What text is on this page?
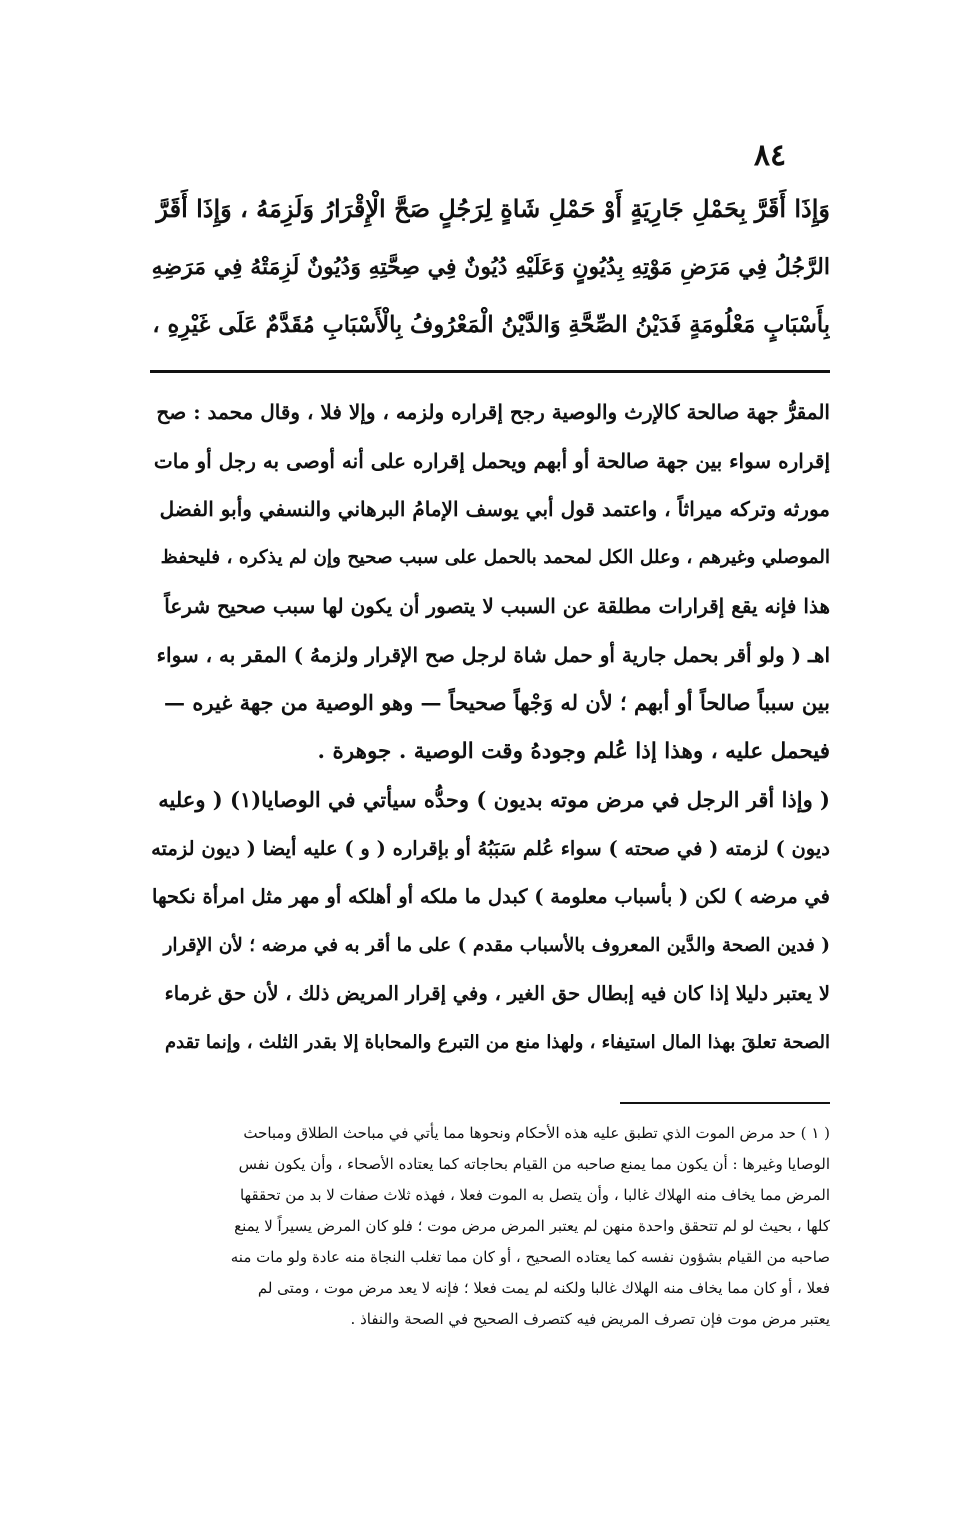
٨٤
وَإِذَا أَقَرَّ بِحَمْلِ جَارِيَةٍ أَوْ حَمْلِ شَاةٍ لِرَجُلٍ صَحَّ الْإِقْرَارُ وَلَزِمَهُ ، وَإِذَا أَقَرَّ
الرَّجُلُ فِي مَرَضِ مَوْتِهِ بِدُيُونٍ وَعَلَيْهِ دُيُونٌ فِي صِحَّتِهِ وَدُيُونٌ لَزِمَتْهُ فِي مَرَضِهِ
بِأَسْبَابٍ مَعْلُومَةٍ فَدَيْنُ الصِّحَّةِ وَالدَّيْنُ الْمَعْرُوفُ بِالْأَسْبَابِ مُقَدَّمٌ عَلَى غَيْرِهِ ،
المقرُّ جهة صالحة كالإرث والوصية رجح إقراره ولزمه ، وإلا فلا ، وقال محمد : صح
إقراره سواء بين جهة صالحة أو أبهم ويحمل إقراره على أنه أوصى به رجل أو مات
مورثه وتركه ميراثاً ، واعتمد قول أبي يوسف الإمامُ البرهاني والنسفي وأبو الفضل
الموصلي وغيرهم ، وعلل الكل لمحمد بالحمل على سبب صحيح وإن لم يذكره ، فليحفظ
هذا فإنه يقع إقرارات مطلقة عن السبب لا يتصور أن يكون لها سبب صحيح شرعاً
اهـ ( ولو أقر بحمل جارية أو حمل شاة لرجل صح الإقرار ولزمهُ ) المقر به ، سواء
بين سبباً صالحاً أو أبهم ؛ لأن له وَجْهاً صحيحاً — وهو الوصية من جهة غيره —
فيحمل عليه ، وهذا إذا عُلم وجودهُ وقت الوصية . جوهرة .
( وإذا أقر الرجل في مرض موته بديون ) وحدُّه سيأتي في الوصايا(١) ( وعليه
ديون ) لزمته ( في صحته ) سواء عُلم سَبَبُهُ أو بإقراره ( و ) عليه أيضا ( ديون لزمته
في مرضه ) لكن ( بأسباب معلومة ) كبدل ما ملكه أو أهلكه أو مهر مثل امرأة نكحها
( فدين الصحة والدَّين المعروف بالأسباب مقدم ) على ما أقر به في مرضه ؛ لأن الإقرار
لا يعتبر دليلا إذا كان فيه إبطال حق الغير ، وفي إقرار المريض ذلك ، لأن حق غرماء
الصحة تعلقَ بهذا المال استيفاء ، ولهذا منع من التبرع والمحاباة إلا بقدر الثلث ، وإنما تقدم
( ١ ) حد مرض الموت الذي تطبق عليه هذه الأحكام ونحوها مما يأتي في مباحث الطلاق ومباحث
الوصايا وغيرها : أن يكون مما يمنع صاحبه من القيام بحاجاته كما يعتاده الأصحاء ، وأن يكون نفس
المرض مما يخاف منه الهلاك غالبا ، وأن يتصل به الموت فعلا ، فهذه ثلاث صفات لا بد من تحققها
كلها ، بحيث لو لم تتحقق واحدة منهن لم يعتبر المرض مرض موت ؛ فلو كان المرض يسيراً لا يمنع
صاحبه من القيام بشؤون نفسه كما يعتاده الصحيح ، أو كان مما تغلب النجاة منه عادة ولو مات منه
فعلا ، أو كان مما يخاف منه الهلاك غالبا ولكنه لم يمت فعلا ؛ فإنه لا يعد مرض موت ، ومتى لم
يعتبر مرض موت فإن تصرف المريض فيه كتصرف الصحيح في الصحة والنفاذ .
